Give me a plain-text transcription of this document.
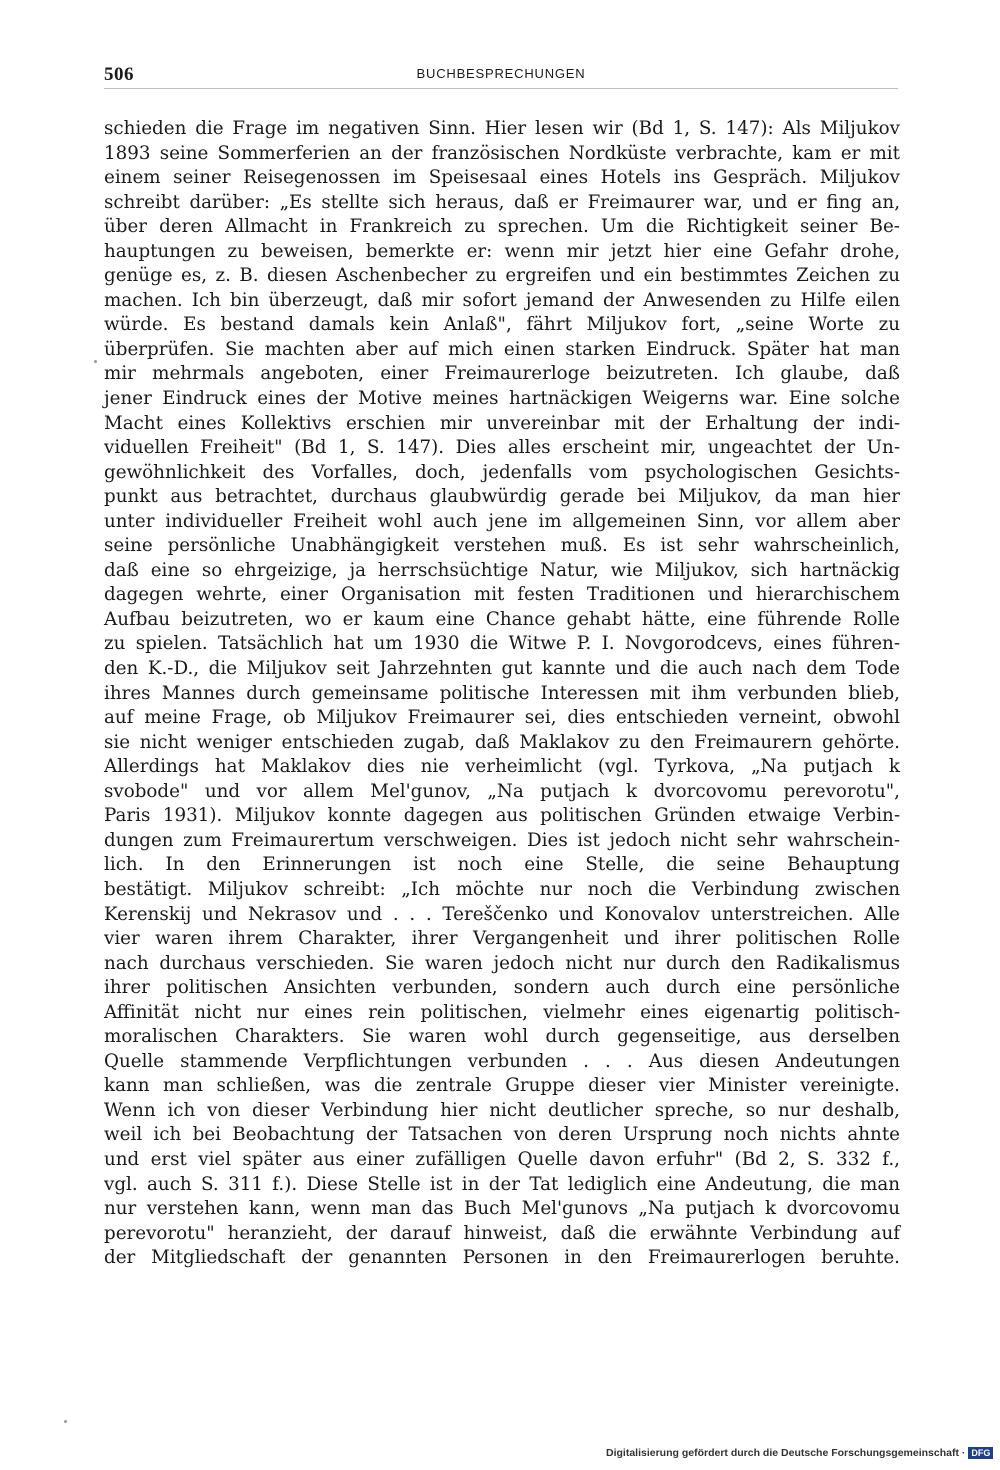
506	BUCHBESPRECHUNGEN
schieden die Frage im negativen Sinn. Hier lesen wir (Bd 1, S. 147): Als Miljukov
1893 seine Sommerferien an der französischen Nordküste verbrachte, kam er mit
einem seiner Reisegenossen im Speisesaal eines Hotels ins Gespräch. Miljukov
schreibt darüber: „Es stellte sich heraus, daß er Freimaurer war, und er fing an,
über deren Allmacht in Frankreich zu sprechen. Um die Richtigkeit seiner Be-
hauptungen zu beweisen, bemerkte er: wenn mir jetzt hier eine Gefahr drohe,
genüge es, z. B. diesen Aschenbecher zu ergreifen und ein bestimmtes Zeichen zu
machen. Ich bin überzeugt, daß mir sofort jemand der Anwesenden zu Hilfe eilen
würde. Es bestand damals kein Anlaß", fährt Miljukov fort, „seine Worte zu
überprüfen. Sie machten aber auf mich einen starken Eindruck. Später hat man
mir mehrmals angeboten, einer Freimaurerloge beizutreten. Ich glaube, daß
jener Eindruck eines der Motive meines hartnäckigen Weigerns war. Eine solche
Macht eines Kollektivs erschien mir unvereinbar mit der Erhaltung der indi-
viduellen Freiheit" (Bd 1, S. 147). Dies alles erscheint mir, ungeachtet der Un-
gewöhnlichkeit des Vorfalles, doch, jedenfalls vom psychologischen Gesichts-
punkt aus betrachtet, durchaus glaubwürdig gerade bei Miljukov, da man hier
unter individueller Freiheit wohl auch jene im allgemeinen Sinn, vor allem aber
seine persönliche Unabhängigkeit verstehen muß. Es ist sehr wahrscheinlich,
daß eine so ehrgeizige, ja herrschsüchtige Natur, wie Miljukov, sich hartnäckig
dagegen wehrte, einer Organisation mit festen Traditionen und hierarchischem
Aufbau beizutreten, wo er kaum eine Chance gehabt hätte, eine führende Rolle
zu spielen. Tatsächlich hat um 1930 die Witwe P. I. Novgorodcevs, eines führen-
den K.-D., die Miljukov seit Jahrzehnten gut kannte und die auch nach dem Tode
ihres Mannes durch gemeinsame politische Interessen mit ihm verbunden blieb,
auf meine Frage, ob Miljukov Freimaurer sei, dies entschieden verneint, obwohl
sie nicht weniger entschieden zugab, daß Maklakov zu den Freimaurern gehörte.
Allerdings hat Maklakov dies nie verheimlicht (vgl. Tyrkova, „Na putjach k
svobode" und vor allem Mel'gunov, „Na putjach k dvorcovomu perevorotu",
Paris 1931). Miljukov konnte dagegen aus politischen Gründen etwaige Verbin-
dungen zum Freimaurertum verschweigen. Dies ist jedoch nicht sehr wahrschein-
lich. In den Erinnerungen ist noch eine Stelle, die seine Behauptung
bestätigt. Miljukov schreibt: „Ich möchte nur noch die Verbindung zwischen
Kerenskij und Nekrasov und . . . Tereščenko und Konovalov unterstreichen. Alle
vier waren ihrem Charakter, ihrer Vergangenheit und ihrer politischen Rolle
nach durchaus verschieden. Sie waren jedoch nicht nur durch den Radikalismus
ihrer politischen Ansichten verbunden, sondern auch durch eine persönliche
Affinität nicht nur eines rein politischen, vielmehr eines eigenartig politisch-
moralischen Charakters. Sie waren wohl durch gegenseitige, aus derselben
Quelle stammende Verpflichtungen verbunden . . . Aus diesen Andeutungen
kann man schließen, was die zentrale Gruppe dieser vier Minister vereinigte.
Wenn ich von dieser Verbindung hier nicht deutlicher spreche, so nur deshalb,
weil ich bei Beobachtung der Tatsachen von deren Ursprung noch nichts ahnte
und erst viel später aus einer zufälligen Quelle davon erfuhr" (Bd 2, S. 332 f.,
vgl. auch S. 311 f.). Diese Stelle ist in der Tat lediglich eine Andeutung, die man
nur verstehen kann, wenn man das Buch Mel'gunovs „Na putjach k dvorcovomu
perevorotu" heranzieht, der darauf hinweist, daß die erwähnte Verbindung auf
der Mitgliedschaft der genannten Personen in den Freimaurerlogen beruhte.
Digitalisierung gefördert durch die Deutsche Forschungsgemeinschaft · DFG
